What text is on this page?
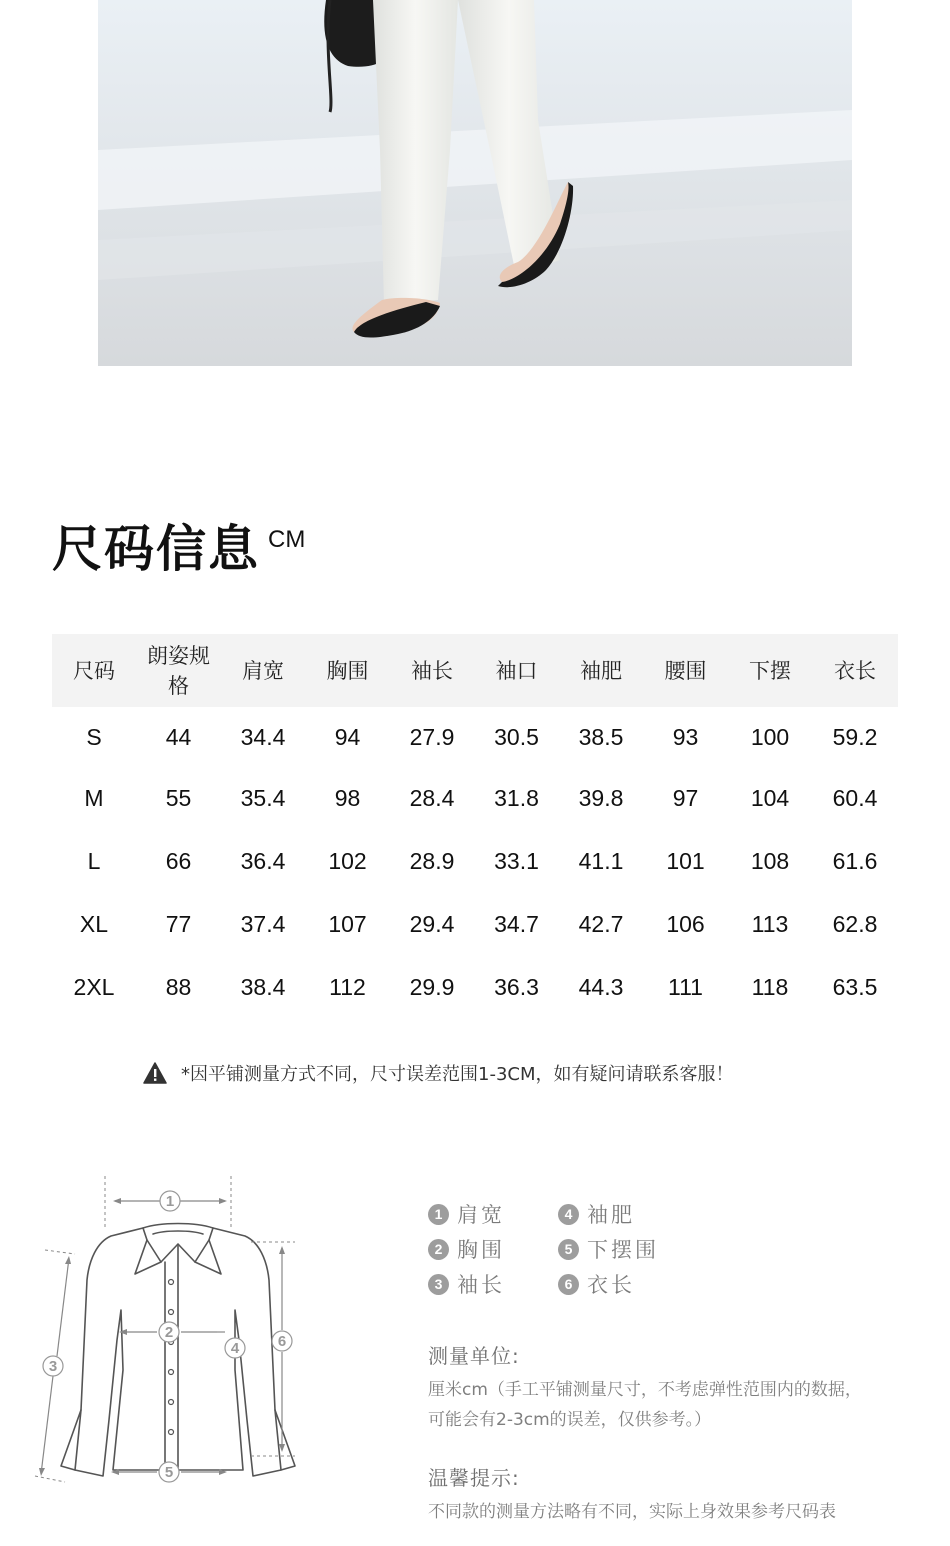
尺码信息 CM
尺码	朗姿规格	肩宽	胸围	袖长	袖口	袖肥	腰围	下摆	衣长
S	44	34.4	94	27.9	30.5	38.5	93	100	59.2
M	55	35.4	98	28.4	31.8	39.8	97	104	60.4
L	66	36.4	102	28.9	33.1	41.1	101	108	61.6
XL	77	37.4	107	29.4	34.7	42.7	106	113	62.8
2XL	88	38.4	112	29.9	36.3	44.3	111	118	63.5
*因平铺测量方式不同，尺寸误差范围1-3CM，如有疑问请联系客服！
1
2
3
4
5
6
1 肩宽
2 胸围
3 袖长
4 袖肥
5 下摆围
6 衣长
测量单位:

厘米cm（手工平铺测量尺寸，不考虑弹性范围内的数据，

可能会有2-3cm的误差，仅供参考。）

温馨提示:

不同款的测量方法略有不同，实际上身效果参考尺码表
